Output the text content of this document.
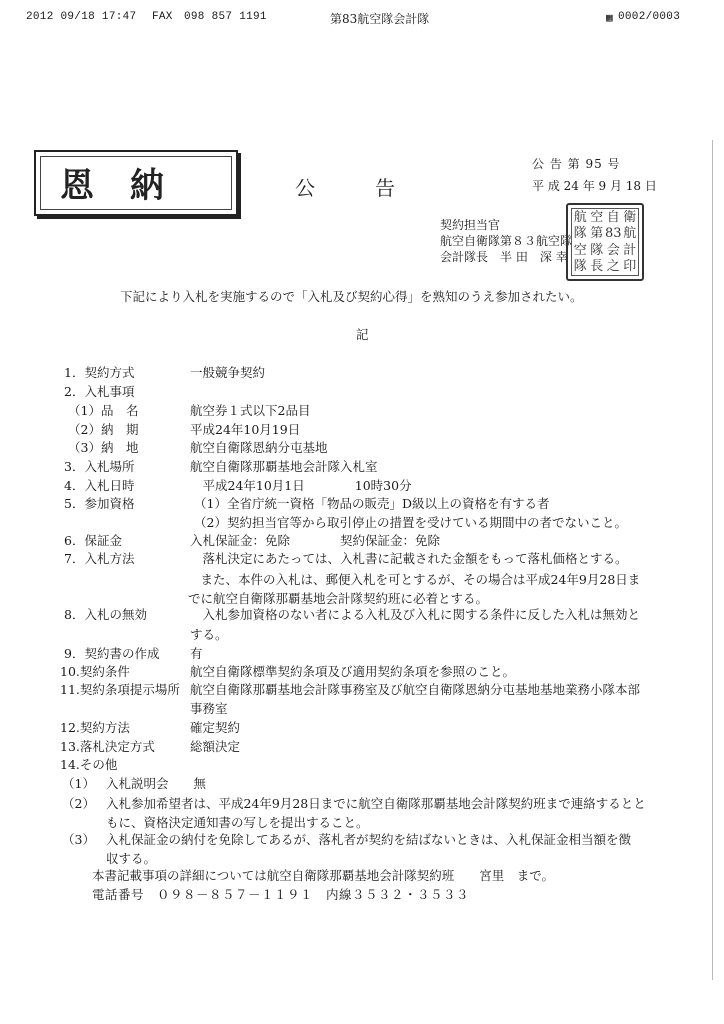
2012 09/18 17:47 FAX 098 857 1191	第83航空隊会計隊	▦ 0002/0003
恩納	公告
公 告 第 95 号
平 成 24 年 9 月 18 日
契約担当官
航空自衛隊第８３航空隊
会計隊長　半 田　深 幸
航 空 自 衛
隊 第 83 航
空 隊 会 計
隊 長 之 印
下記により入札を実施するので「入札及び契約心得」を熟知のうえ参加されたい。
記
1．契約方式	一般競争契約
2．入札事項
（1）品　名	航空券１式以下2品目
（2）納　期	平成24年10月19日
（3）納　地	航空自衛隊恩納分屯基地
3．入札場所	航空自衛隊那覇基地会計隊入札室
4．入札日時	　平成24年10月1日　　　　10時30分
5．参加資格	（1）全省庁統一資格「物品の販売」D級以上の資格を有する者
（2）契約担当官等から取引停止の措置を受けている期間中の者でないこと。
6．保証金	入札保証金：免除　　　　契約保証金：免除
7．入札方法	　落札決定にあたっては、入札書に記載された金額をもって落札価格とする。
　また、本件の入札は、郵便入札を可とするが、その場合は平成24年9月28日ま
でに航空自衛隊那覇基地会計隊契約班に必着とする。
8．入札の無効	　入札参加資格のない者による入札及び入札に関する条件に反した入札は無効と
する。
9．契約書の作成 有
10.契約条件	航空自衛隊標準契約条項及び適用契約条項を参照のこと。
11.契約条項提示場所 航空自衛隊那覇基地会計隊事務室及び航空自衛隊恩納分屯基地基地業務小隊本部
事務室
12.契約方法	確定契約
13.落札決定方式	総額決定
14.その他
（1） 入札説明会　　無
（2） 入札参加希望者は、平成24年9月28日までに航空自衛隊那覇基地会計隊契約班まで連絡するとと
もに、資格決定通知書の写しを提出すること。
（3） 入札保証金の納付を免除してあるが、落札者が契約を結ばないときは、入札保証金相当額を徴
収する。
本書記載事項の詳細については航空自衛隊那覇基地会計隊契約班　　宮里　まで。
電話番号　０９８－８５７－１１９１　内線３５３２・３５３３
